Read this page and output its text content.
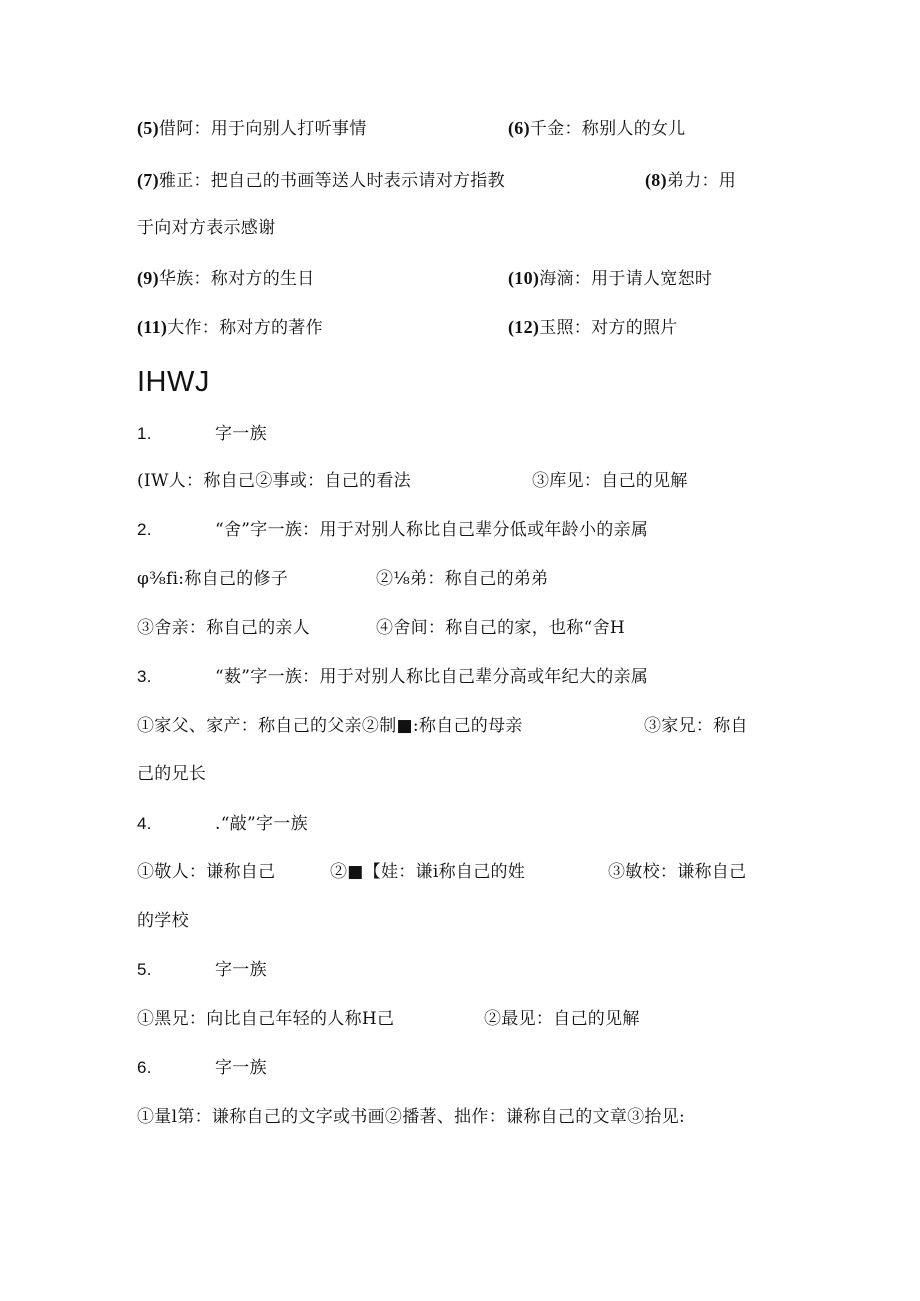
(5)借阿：用于向别人打听事情	(6)千金：称别人的女儿
(7)雅正：把自己的书画等送人时表示请对方指教	(8)弟力：用
于向对方表示感谢
(9)华族：称对方的生日	(10)海滴：用于请人宽恕时
(11)大作：称对方的著作	(12)玉照：对方的照片
IHWJ
1.	字一族
(IW人：称自己②事或：自己的看法	③库见：自己的见解
2.	“舍”字一族：用于对别人称比自己辈分低或年龄小的亲属
φ⅜fi:称自己的修子	②⅛弟：称自己的弟弟
③舍亲：称自己的亲人	④舍间：称自己的家，也称“舍H
3.	“薮”字一族：用于对别人称比自己辈分高或年纪大的亲属
①家父、家产：称自己的父亲②制■:称自己的母亲	③家兄：称自
己的兄长
4.	.“敲”字一族
①敬人：谦称自己	②■【娃：谦i称自己的姓	③敏校：谦称自己
的学校
5.	字一族
①黑兄：向比自己年轻的人称H己	②最见：自己的见解
6.	字一族
①量l第：谦称自己的文字或书画②播著、拙作：谦称自己的文章③抬见:
